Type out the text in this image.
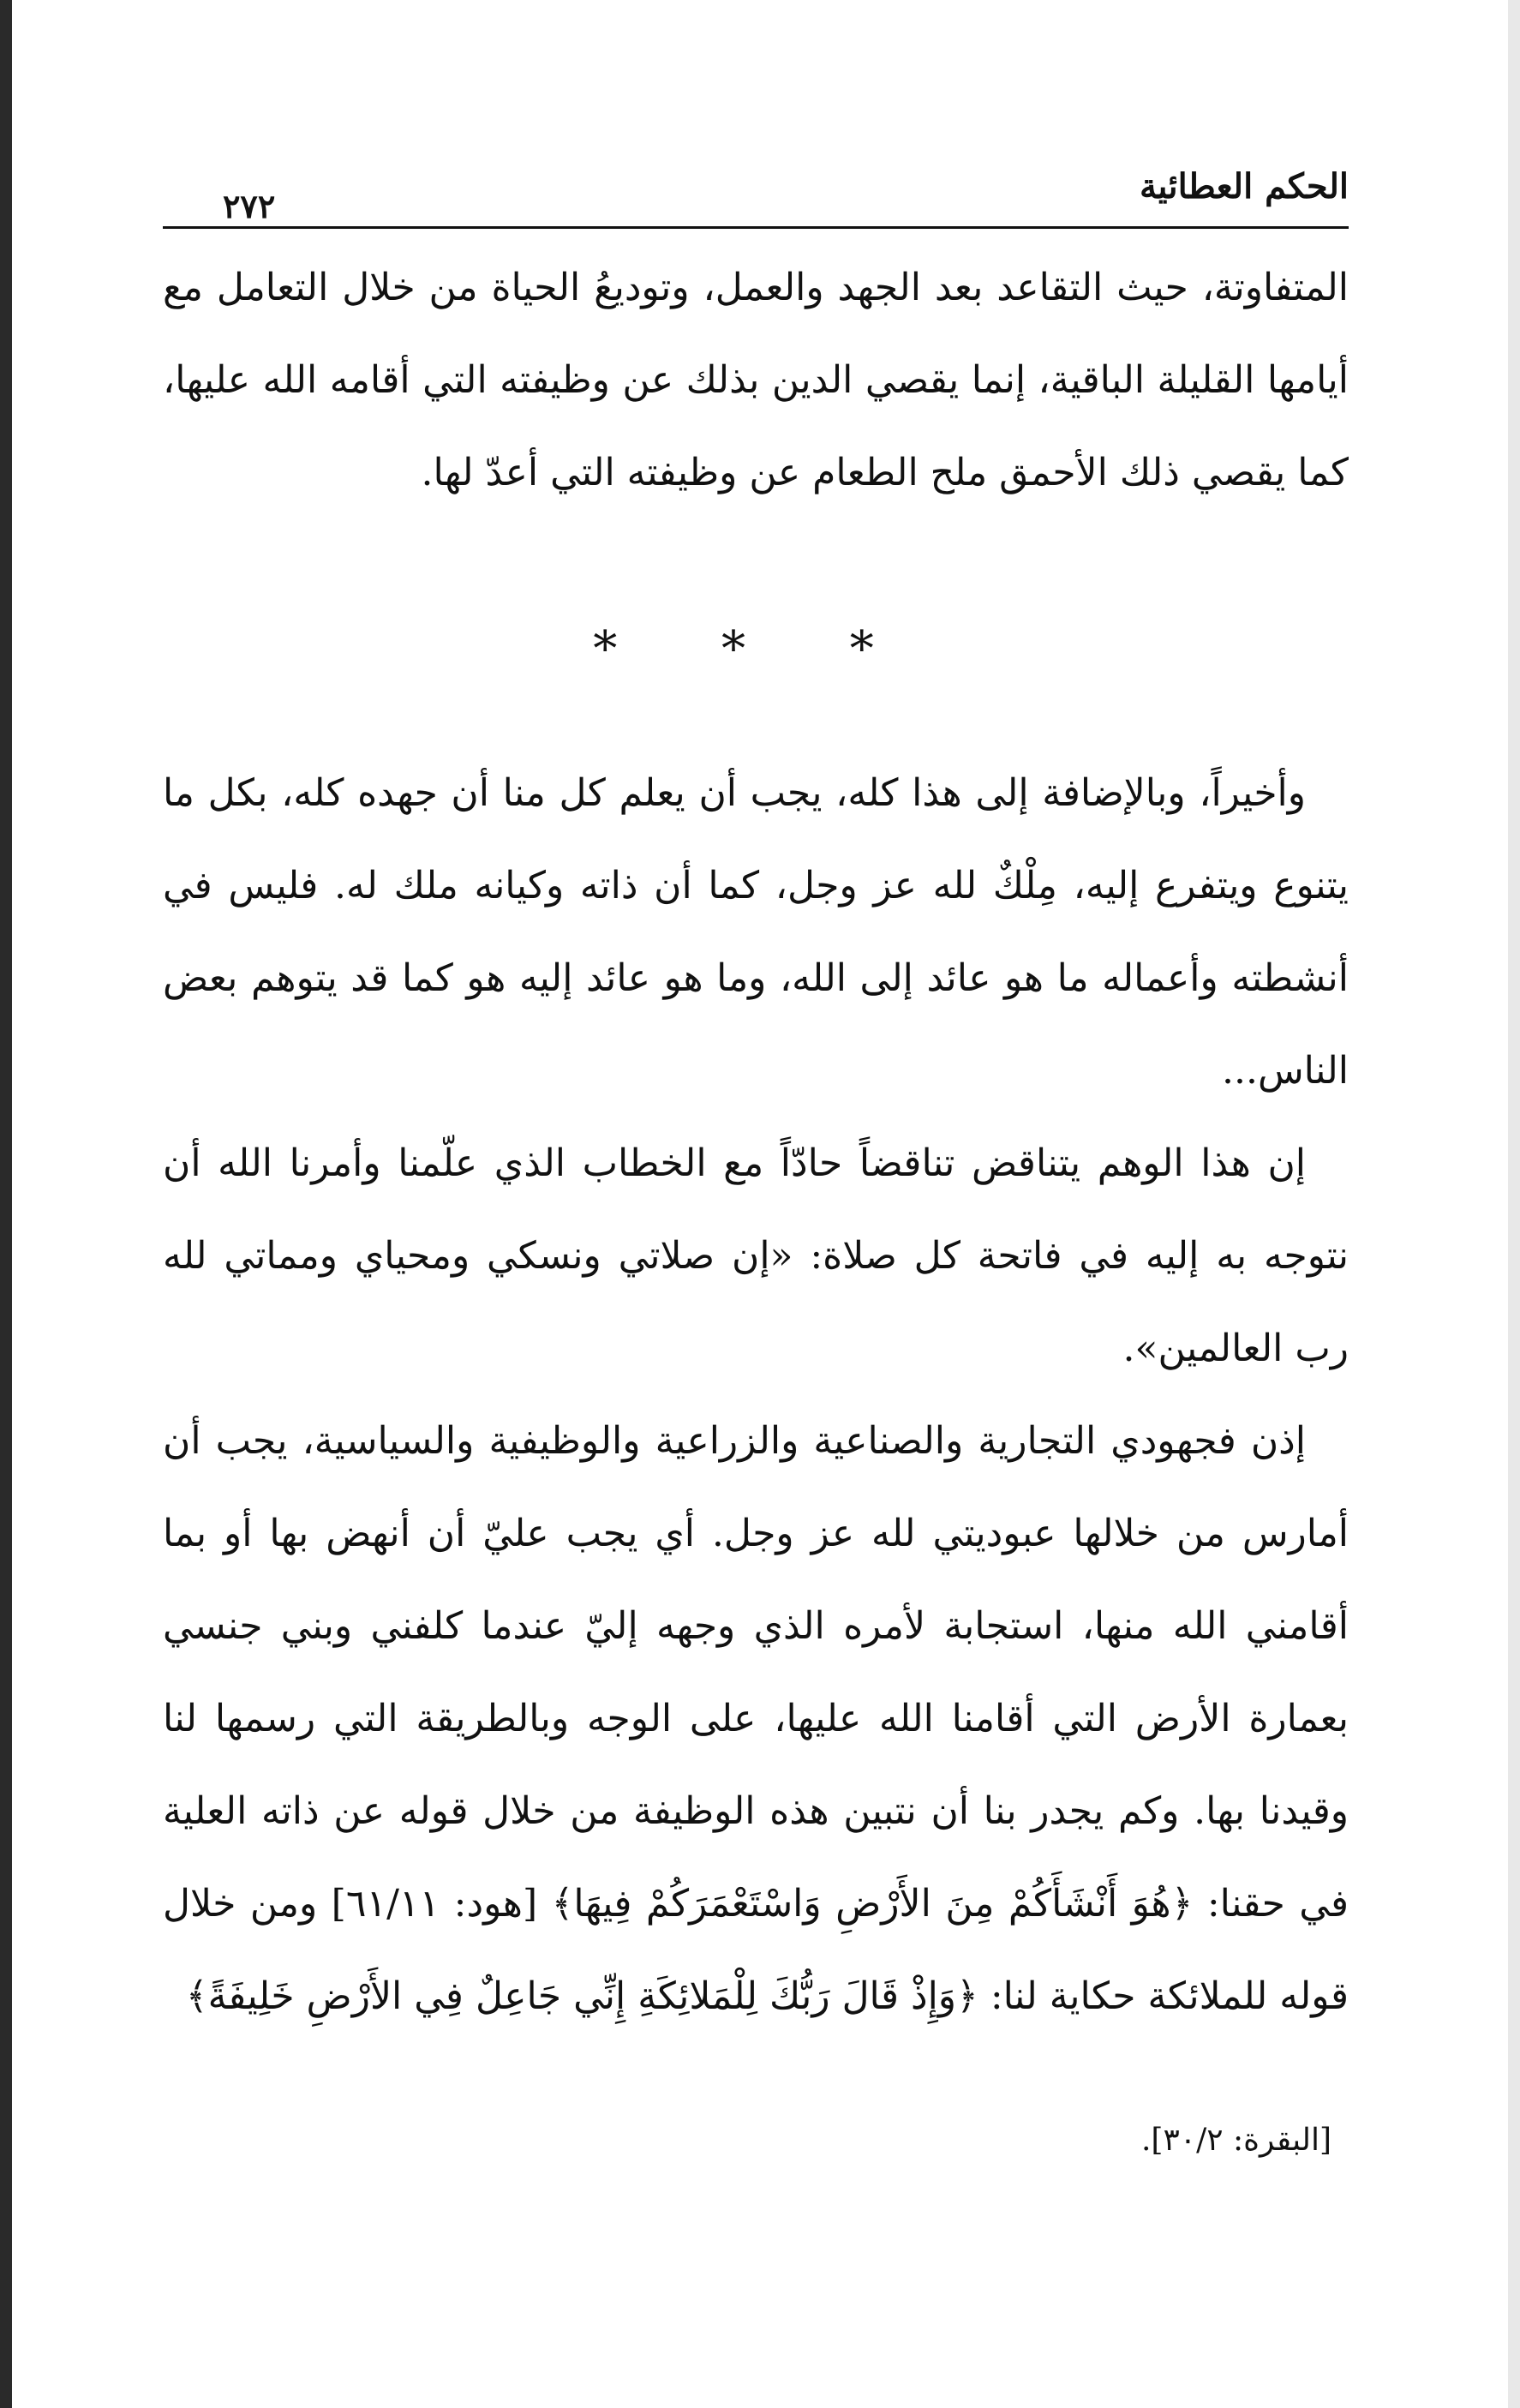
الحكم العطائية
٢٧٢

المتفاوتة، حيث التقاعد بعد الجهد والعمل، وتوديعُ الحياة من خلال التعامل مع أيامها القليلة الباقية، إنما يقصي الدين بذلك عن وظيفته التي أقامه الله عليها، كما يقصي ذلك الأحمق ملح الطعام عن وظيفته التي أعدّ لها.

* * *

وأخيراً، وبالإضافة إلى هذا كله، يجب أن يعلم كل منا أن جهده كله، بكل ما يتنوع ويتفرع إليه، مِلْكٌ لله عز وجل، كما أن ذاته وكيانه ملك له. فليس في أنشطته وأعماله ما هو عائد إلى الله، وما هو عائد إليه هو كما قد يتوهم بعض الناس...

إن هذا الوهم يتناقض تناقضاً حادّاً مع الخطاب الذي علّمنا وأمرنا الله أن نتوجه به إليه في فاتحة كل صلاة: «إن صلاتي ونسكي ومحياي ومماتي لله رب العالمين».

إذن فجهودي التجارية والصناعية والزراعية والوظيفية والسياسية، يجب أن أمارس من خلالها عبوديتي لله عز وجل. أي يجب عليّ أن أنهض بها أو بما أقامني الله منها، استجابة لأمره الذي وجهه إليّ عندما كلفني وبني جنسي بعمارة الأرض التي أقامنا الله عليها، على الوجه وبالطريقة التي رسمها لنا وقيدنا بها. وكم يجدر بنا أن نتبين هذه الوظيفة من خلال قوله عن ذاته العلية في حقنا: ﴿هُوَ أَنْشَأَكُمْ مِنَ الأَرْضِ وَاسْتَعْمَرَكُمْ فِيهَا﴾ [هود: ٦١/١١] ومن خلال قوله للملائكة حكاية لنا: ﴿وَإِذْ قَالَ رَبُّكَ لِلْمَلائِكَةِ إِنِّي جَاعِلٌ فِي الأَرْضِ خَلِيفَةً﴾

[البقرة: ٣٠/٢].
